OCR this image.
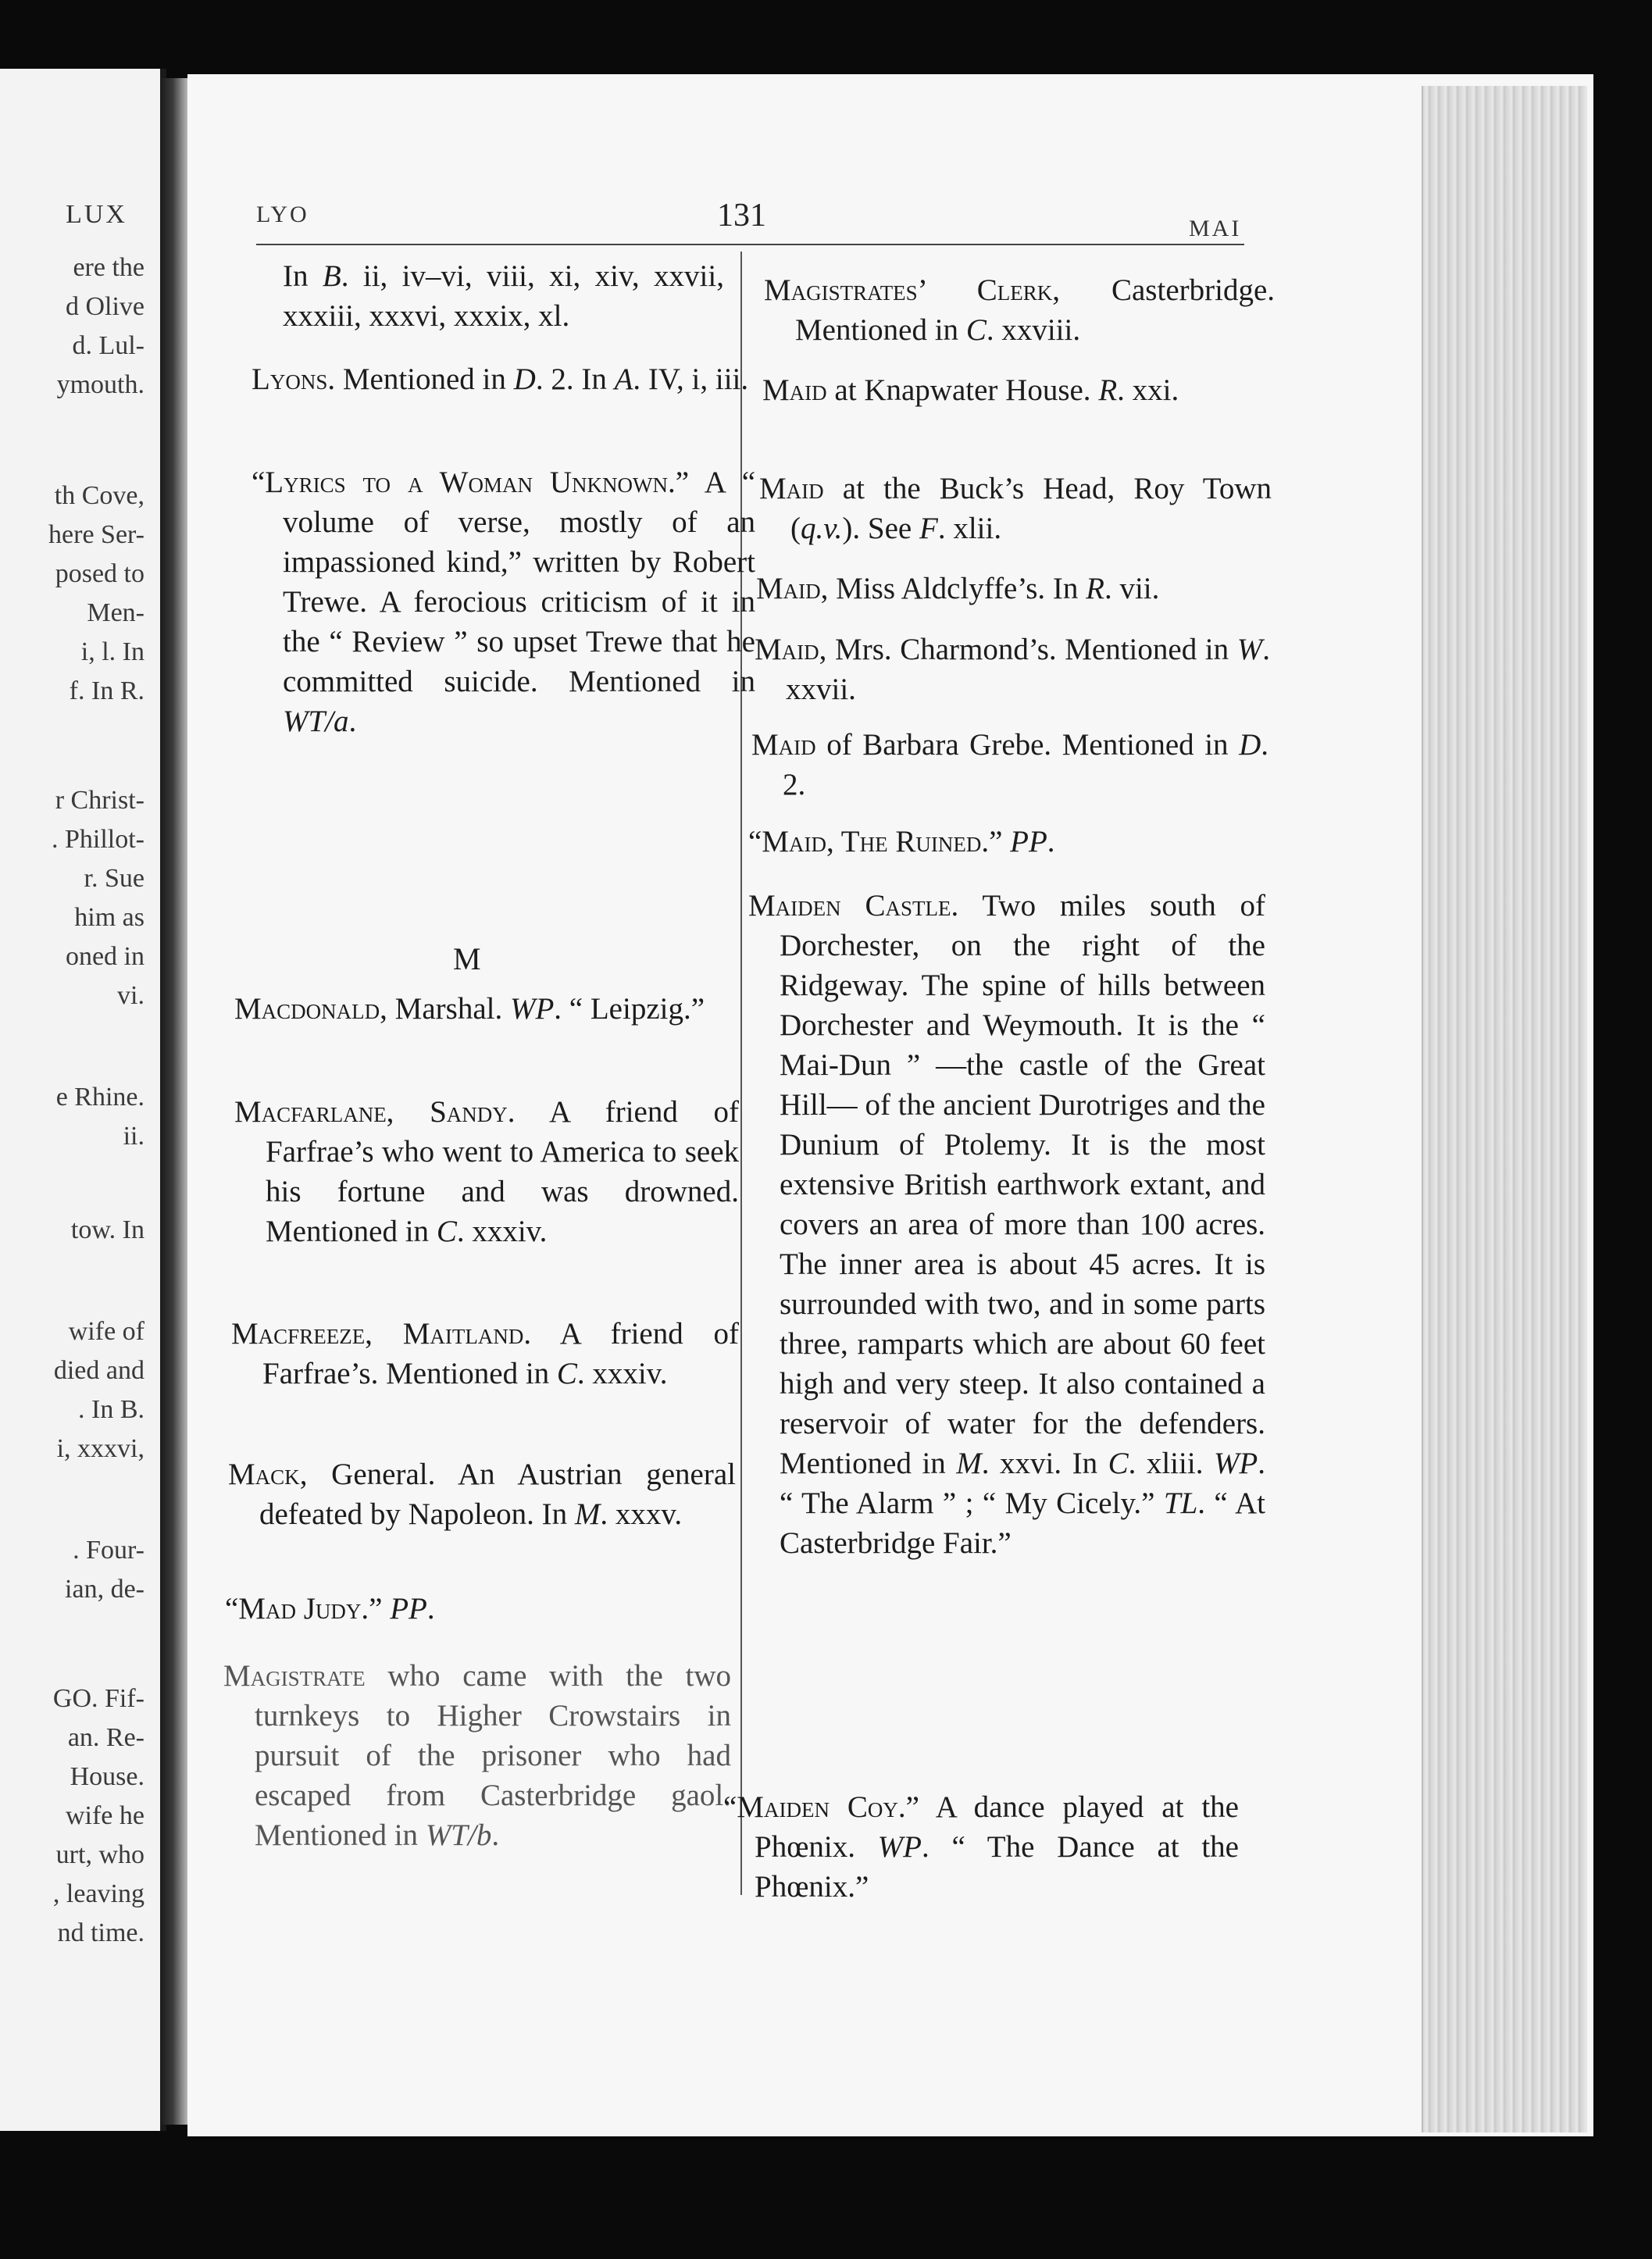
LUX
ere the
d Olive
d. Lul-
ymouth.
th Cove,
here Ser-
posed to
Men-
i, l. In
f. In R.
r Christ-
. Phillot-
r. Sue
him as
oned in
vi.
e Rhine.
ii.
tow. In
wife of
died and
. In B.
i, xxxvi,
. Four-
ian, de-
GO. Fif-
an. Re-
House.
wife he
urt, who
, leaving
nd time.
LYO	131	MAI
In B. ii, iv–vi, viii, xi, xiv, xxvii, xxxiii, xxxvi, xxxix, xl.
Lyons. Mentioned in D. 2. In A. IV, i, iii.
“Lyrics to a Woman Unknown.” A “ volume of verse, mostly of an impassioned kind,” written by Robert Trewe. A ferocious criticism of it in the “ Review ” so upset Trewe that he committed suicide. Mentioned in WT/a.
M
Macdonald, Marshal. WP. “ Leipzig.”
Macfarlane, Sandy. A friend of Farfrae’s who went to America to seek his fortune and was drowned. Mentioned in C. xxxiv.
Macfreeze, Maitland. A friend of Farfrae’s. Mentioned in C. xxxiv.
Mack, General. An Austrian general defeated by Napoleon. In M. xxxv.
“Mad Judy.” PP.
Magistrate who came with the two turnkeys to Higher Crowstairs in pursuit of the prisoner who had escaped from Casterbridge gaol. Mentioned in WT/b.
Magistrates’ Clerk, Casterbridge. Mentioned in C. xxviii.
Maid at Knapwater House. R. xxi.
Maid at the Buck’s Head, Roy Town (q.v.). See F. xlii.
Maid, Miss Aldclyffe’s. In R. vii.
Maid, Mrs. Charmond’s. Mentioned in W. xxvii.
Maid of Barbara Grebe. Mentioned in D. 2.
“Maid, The Ruined.” PP.
Maiden Castle. Two miles south of Dorchester, on the right of the Ridgeway. The spine of hills between Dorchester and Weymouth. It is the “ Mai-Dun ” —the castle of the Great Hill— of the ancient Durotriges and the Dunium of Ptolemy. It is the most extensive British earthwork extant, and covers an area of more than 100 acres. The inner area is about 45 acres. It is surrounded with two, and in some parts three, ramparts which are about 60 feet high and very steep. It also contained a reservoir of water for the defenders. Mentioned in M. xxvi. In C. xliii. WP. “ The Alarm ” ; “ My Cicely.” TL. “ At Casterbridge Fair.”
“Maiden Coy.” A dance played at the Phœnix. WP. “ The Dance at the Phœnix.”
